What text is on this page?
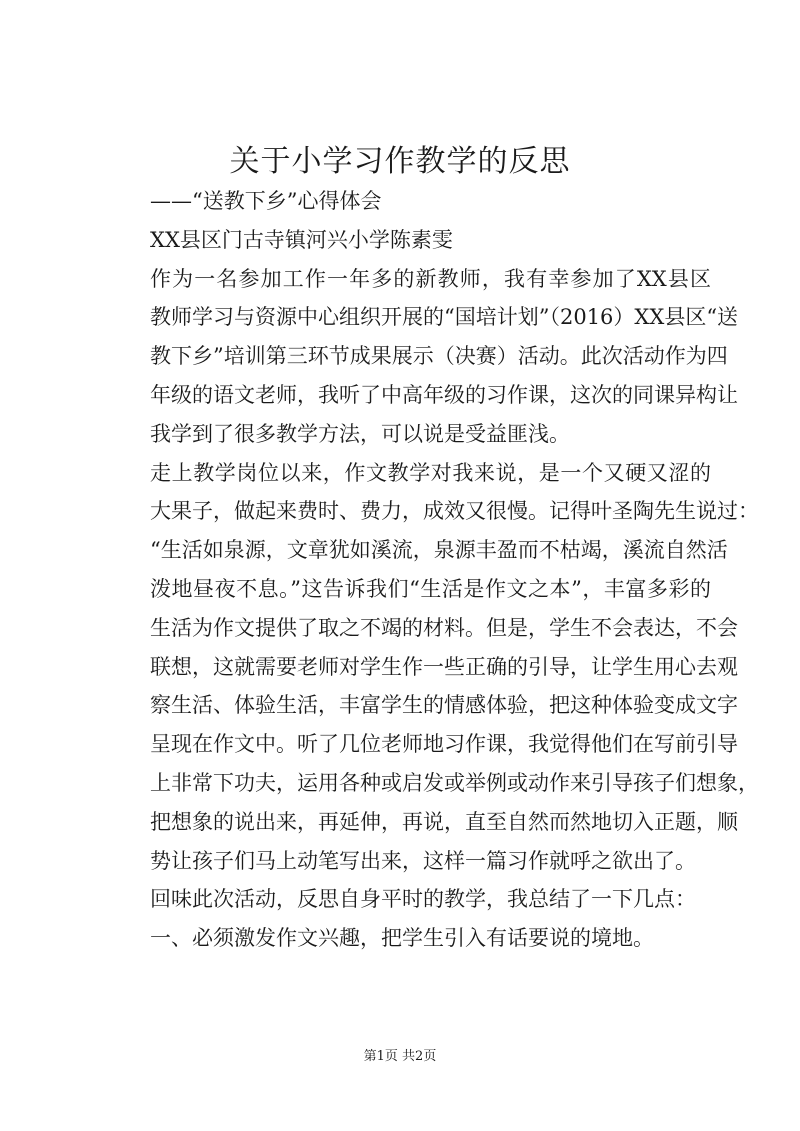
关于小学习作教学的反思

——“送教下乡”心得体会

XX县区门古寺镇河兴小学陈素雯

作为一名参加工作一年多的新教师，我有幸参加了XX县区
教师学习与资源中心组织开展的“国培计划”（2016）XX县区“送
教下乡”培训第三环节成果展示（决赛）活动。此次活动作为四
年级的语文老师，我听了中高年级的习作课，这次的同课异构让
我学到了很多教学方法，可以说是受益匪浅。

走上教学岗位以来，作文教学对我来说，是一个又硬又涩的
大果子，做起来费时、费力，成效又很慢。记得叶圣陶先生说过：
“生活如泉源，文章犹如溪流，泉源丰盈而不枯竭，溪流自然活
泼地昼夜不息。”这告诉我们“生活是作文之本”，丰富多彩的
生活为作文提供了取之不竭的材料。但是，学生不会表达，不会
联想，这就需要老师对学生作一些正确的引导，让学生用心去观
察生活、体验生活，丰富学生的情感体验，把这种体验变成文字
呈现在作文中。听了几位老师地习作课，我觉得他们在写前引导
上非常下功夫，运用各种或启发或举例或动作来引导孩子们想象，
把想象的说出来，再延伸，再说，直至自然而然地切入正题，顺
势让孩子们马上动笔写出来，这样一篇习作就呼之欲出了。

回味此次活动，反思自身平时的教学，我总结了一下几点：

一、必须激发作文兴趣，把学生引入有话要说的境地。

第1页 共2页
